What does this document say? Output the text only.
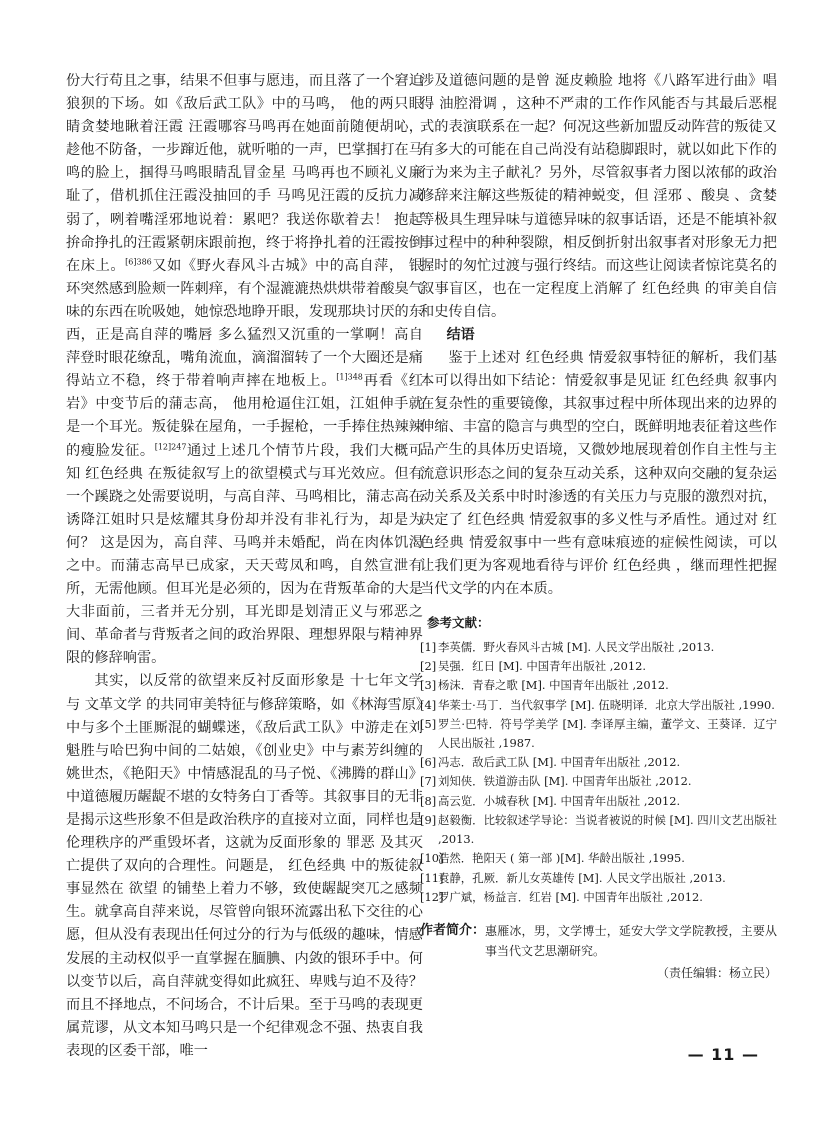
份大行苟且之事，结果不但事与愿违，而且落了一个窘迫狼狈的下场。如《敌后武工队》中的马鸣， 他的两只眼睛贪婪地瞅着汪霞 汪霞哪容马鸣再在她面前随便胡吣，趁他不防备，一步蹿近他，就听啪的一声，巴掌掴打在马鸣的脸上，掴得马鸣眼睛乱冒金星 马鸣再也不顾礼义廉耻了，借机抓住汪霞没抽回的手 马鸣见汪霞的反抗力减弱了，咧着嘴淫邪地说着：累吧？我送你歇着去！ 抱起拚命挣扎的汪霞紧朝床跟前抱，终于将挣扎着的汪霞按倒在床上。$^{[6]386}$又如《野火春风斗古城》中的高自萍， 银环突然感到脸颊一阵刺痒，有个湿漉漉热烘烘带着酸臭气味的东西在吮吸她，她惊恐地睁开眼，发现那块讨厌的东西，正是高自萍的嘴唇 多么猛烈又沉重的一掌啊！高自萍登时眼花缭乱，嘴角流血，滴溜溜转了一个大圈还是痛得站立不稳，终于带着响声摔在地板上。$^{[1]348}$再看《红岩》中变节后的蒲志高， 他用枪逼住江姐，江姐伸手就是一个耳光。叛徒躲在屋角，一手握枪，一手捧住热辣辣的瘦脸发征。$^{[12]247}$通过上述几个情节片段，我们大概可知 红色经典 在叛徒叙写上的欲望模式与耳光效应。但有一个蹊跷之处需要说明，与高自萍、马鸣相比，蒲志高在诱降江姐时只是炫耀其身份却并没有非礼行为，却是为何？ 这是因为，高自萍、马鸣并未婚配，尚在肉体饥渴之中。而蒲志高早已成家，天天莺凤和鸣，自然宣泄有所，无需他顾。但耳光是必须的，因为在背叛革命的大是大非面前，三者并无分别，耳光即是划清正义与邪恶之间、革命者与背叛者之间的政治界限、理想界限与精神界限的修辞响雷。

其实，以反常的欲望来反衬反面形象是 十七年文学 与 文革文学 的共同审美特征与修辞策略，如《林海雪原》中与多个土匪厮混的蝴蝶迷，《敌后武工队》中游走在刘魁胜与哈巴狗中间的二姑娘，《创业史》中与素芳纠缠的姚世杰，《艳阳天》中情感混乱的马子悦、《沸腾的群山》中道德履历龌龊不堪的女特务白丁香等。其叙事目的无非是揭示这些形象不但是政治秩序的直接对立面，同样也是伦理秩序的严重毁坏者，这就为反面形象的 罪恶 及其灭亡提供了双向的合理性。问题是， 红色经典 中的叛徒叙事显然在 欲望 的铺垫上着力不够，致使龌龊突兀之感频生。就拿高自萍来说，尽管曾向银环流露出私下交往的心愿，但从没有表现出任何过分的行为与低级的趣味，情感发展的主动权似乎一直掌握在腼腆、内敛的银环手中。何以变节以后，高自萍就变得如此疯狂、卑贱与迫不及待？而且不择地点，不问场合，不计后果。至于马鸣的表现更属荒谬，从文本知马鸣只是一个纪律观念不强、热衷自我表现的区委干部，唯一

涉及道德问题的是曾 涎皮赖脸 地将《八路军进行曲》唱得 油腔滑调 ，这种不严肃的工作作风能否与其最后恶棍式的表演联系在一起？何况这些新加盟反动阵营的叛徒又有多大的可能在自己尚没有站稳脚跟时，就以如此下作的行为来为主子献礼？另外，尽管叙事者力图以浓郁的政治修辞来注解这些叛徒的精神蜕变，但 淫邪 、酸臭 、贪婪 等极具生理异味与道德异味的叙事话语，还是不能填补叙事过程中的种种裂隙，相反倒折射出叙事者对形象无力把握时的匆忙过渡与强行终结。而这些让阅读者惊诧莫名的叙事盲区，也在一定程度上消解了 红色经典 的审美自信和史传自信。

结语

鉴于上述对 红色经典 情爱叙事特征的解析，我们基本可以得出如下结论：情爱叙事是见证 红色经典 叙事内在复杂性的重要镜像，其叙事过程中所体现出来的边界的伸缩、丰富的隐言与典型的空白，既鲜明地表征着这些作品产生的具体历史语境，又微妙地展现着创作自主性与主流意识形态之间的复杂互动关系，这种双向交融的复杂运动关系及关系中时时渗透的有关压力与克服的激烈对抗，决定了 红色经典 情爱叙事的多义性与矛盾性。通过对 红色经典 情爱叙事中一些有意味痕迹的症候性阅读，可以让我们更为客观地看待与评价 红色经典 ，继而理性把握当代文学的内在本质。

参考文献：
[1] 李英儒．野火春风斗古城 [M]. 人民文学出版社 ,2013.
[2] 吴强．红日 [M]. 中国青年出版社 ,2012.
[3] 杨沫．青春之歌 [M]. 中国青年出版社 ,2012.
[4] 华莱士·马丁．当代叙事学 [M]. 伍晓明译．北京大学出版社 ,1990.
[5] 罗兰·巴特．符号学美学 [M]. 李译厚主编，董学文、王葵译．辽宁人民出版社 ,1987.
[6] 冯志．敌后武工队 [M]. 中国青年出版社 ,2012.
[7] 刘知侠．铁道游击队 [M]. 中国青年出版社 ,2012.
[8] 高云览．小城春秋 [M]. 中国青年出版社 ,2012.
[9] 赵毅衡．比较叙述学导论：当说者被说的时候 [M]. 四川文艺出版社 ,2013.
[10]
浩然．艳阳天 ( 第一部 )[M]. 华龄出版社 ,1995.
[11]
袁静，孔厥．新儿女英雄传 [M]. 人民文学出版社 ,2013.
[12]
罗广斌，杨益言．红岩 [M]. 中国青年出版社 ,2012.
作者简介： 惠雁冰，男，文学博士，延安大学文学院教授，主要从事当代文艺思潮研究。
（责任编辑：杨立民）
— 11 —
